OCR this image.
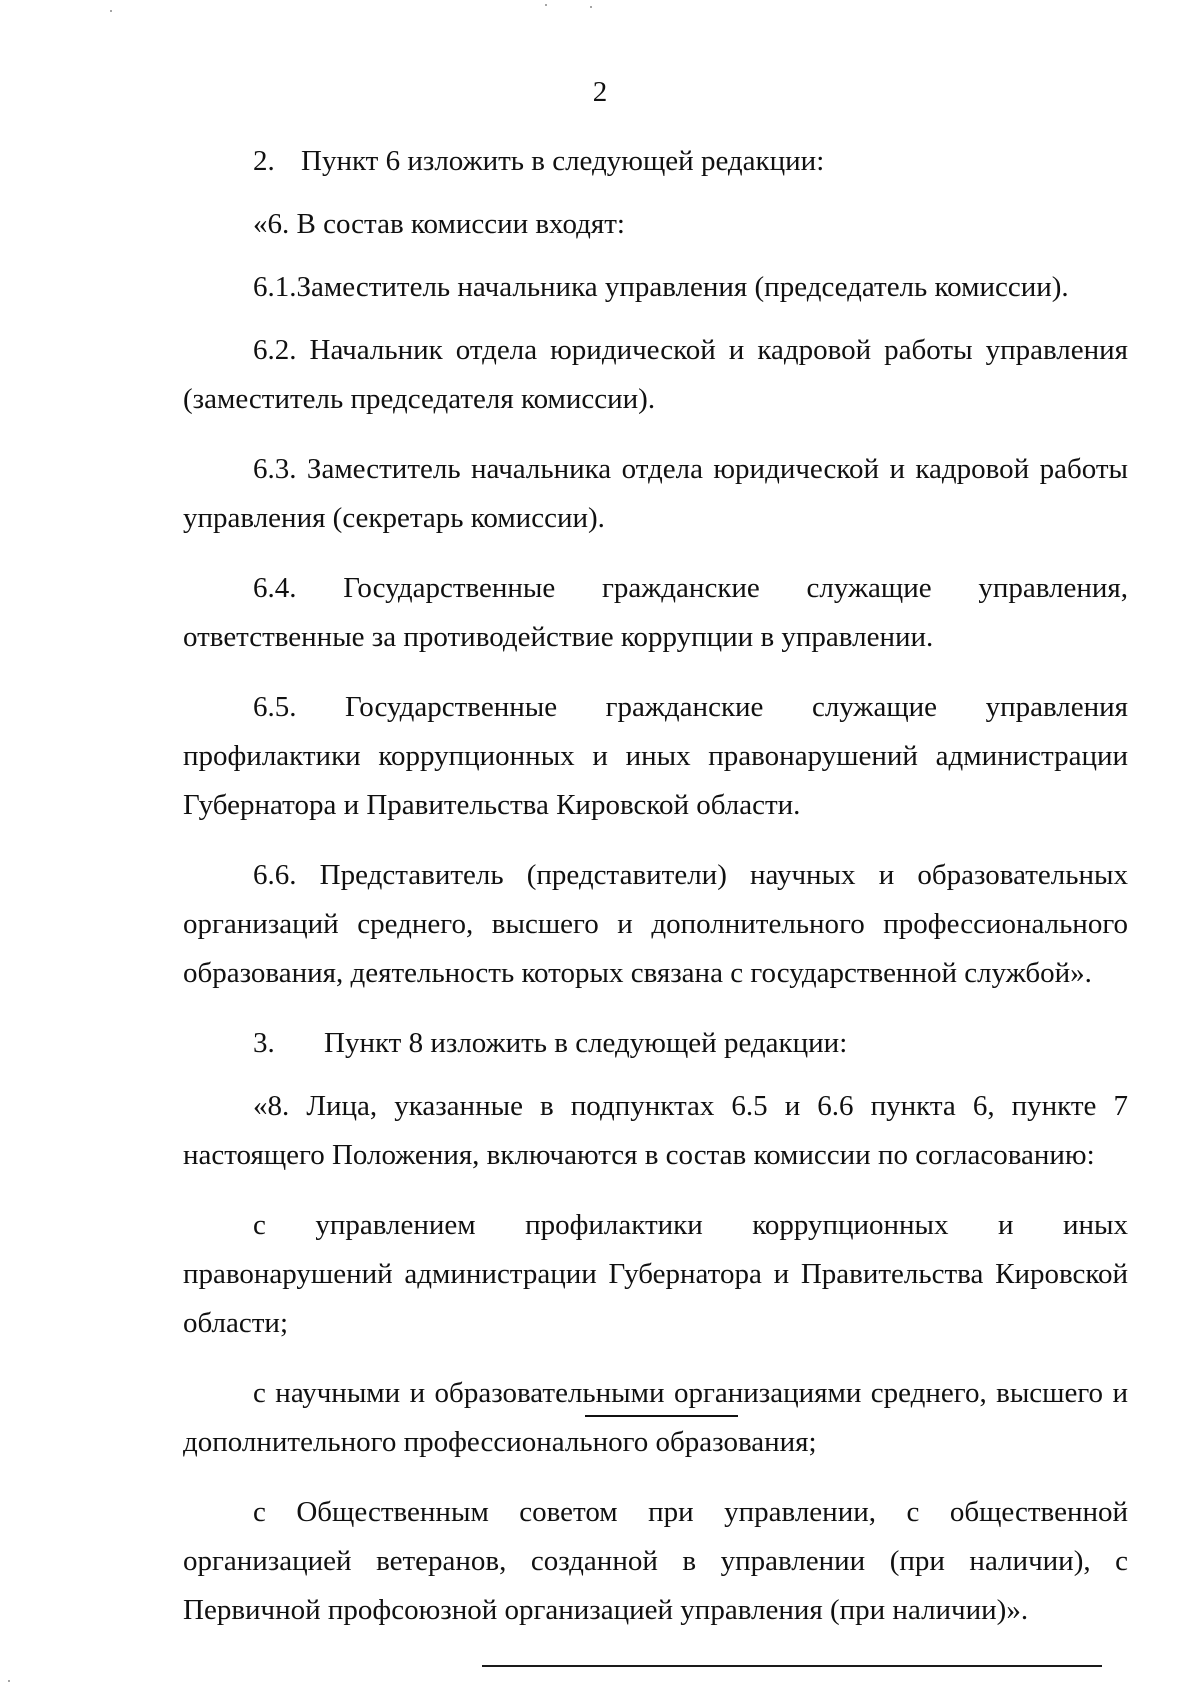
2

2. Пункт 6 изложить в следующей редакции:

«6. В состав комиссии входят:

6.1.Заместитель начальника управления (председатель комиссии).

6.2. Начальник отдела юридической и кадровой работы управления (заместитель председателя комиссии).

6.3. Заместитель начальника отдела юридической и кадровой работы управления (секретарь комиссии).

6.4. Государственные гражданские служащие управления, ответственные за противодействие коррупции в управлении.

6.5. Государственные гражданские служащие управления профилактики коррупционных и иных правонарушений администрации Губернатора и Правительства Кировской области.

6.6. Представитель (представители) научных и образовательных организаций среднего, высшего и дополнительного профессионального образования, деятельность которых связана с государственной службой».

3. Пункт 8 изложить в следующей редакции:

«8. Лица, указанные в подпунктах 6.5 и 6.6 пункта 6, пункте 7 настоящего Положения, включаются в состав комиссии по согласованию:

с управлением профилактики коррупционных и иных правонарушений администрации Губернатора и Правительства Кировской области;

с научными и образовательными организациями среднего, высшего и дополнительного профессионального образования;

с Общественным советом при управлении, с общественной организацией ветеранов, созданной в управлении (при наличии), с Первичной профсоюзной организацией управления (при наличии)».
